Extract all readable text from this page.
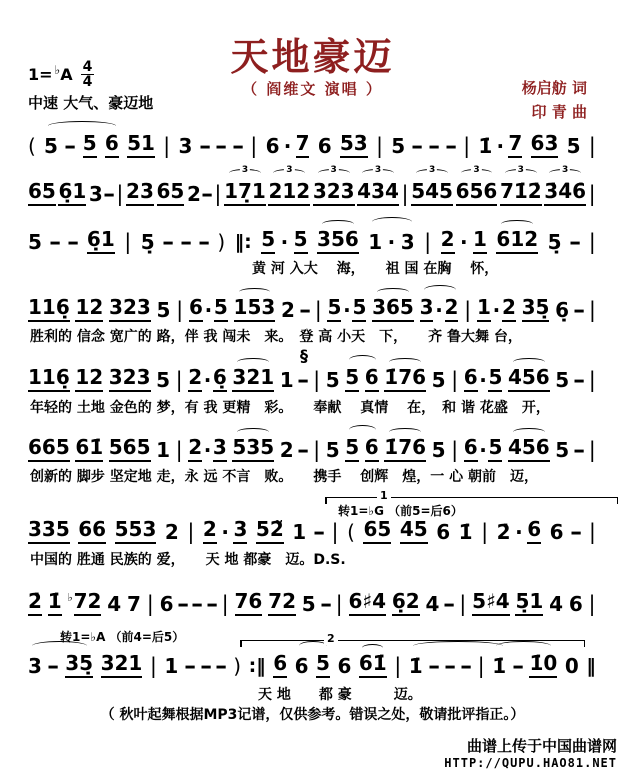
天地豪迈
（ 阎维文 演唱 ）
1= ♭ A $\frac{4}{4}$
中速 大气、豪迈地
杨启舫 词
印 青 曲
( 5 - 5 6 51 | 3 - - - | 6 · 7 6 53 | 5 - - - | 1̇ · 7 63 5 |
65 6̣1 3 - | 23 65 2 - | 17̣1
3
212
3
323
3
434
3
| 545
3
656
3
71̇2̇
3
3̇4̇6̇
3
|
5 - - 6̣1 | 5̣ - - - ) ‖: 5 · 5 356 1 · 3 | 2 · 1 612 5̣ - |
黄 河 入大　 海，　　祖 国 在胸　 怀，
116̣ 12 323 5 | 6 · 5 153 2 - | 5 · 5 365 3 · 2 | 1 · 2 35̣ 6̣ - |
胜利的 信念 宽广的 路，伴 我 闯未　来。　登 高 小天　下，　　齐 鲁大舞 台，
116̣ 12 323 5 | 2 · 6̣ 321 1 - | 5 5 6 1̇76 5 | 6 · 5 456 5 - |
年轻的 土地 金色的 梦，有 我 更精　彩。　　奉献　 真情　 在，　和 谐 花盛　开，
665 61̇ 565 1 | 2 · 3 535 2 - | 5 5 6 1̇76 5 | 6 · 5 456 5 - |
创新的 脚步 坚定地 走，永 远 不言　败。　　携手　 创辉　煌，一 心 朝前　迈，
335 66 553 2 | 2 · 3 52̃ 1 - | ( 65 45 6 1̇ | 2̇ · 6 6 - |
中国的 胜通 民族的 爱，　　天 地 都豪　迈。D.S.
2̇ 1̇ ♭72 4 7 | 6 - - - | 76 72 5 - | 6♯4 6̣2 4 - | 5♯4 5̣1 4 6 |
3 - 35̣ 321 | 1 - - - ) :‖ 6 6 5 6 61̇ | 1̇ - - - | 1̇ - 1̇0 0 ‖
天 地　　都 豪　　　迈。
§
转1=♭G （前5=后6）
1
转1=♭A （前4=后5）	2
（ 秋叶起舞根据MP3记谱，仅供参考。错误之处，敬请批评指正。）
曲谱上传于中国曲谱网
HTTP://QUPU.HAO81.NET
